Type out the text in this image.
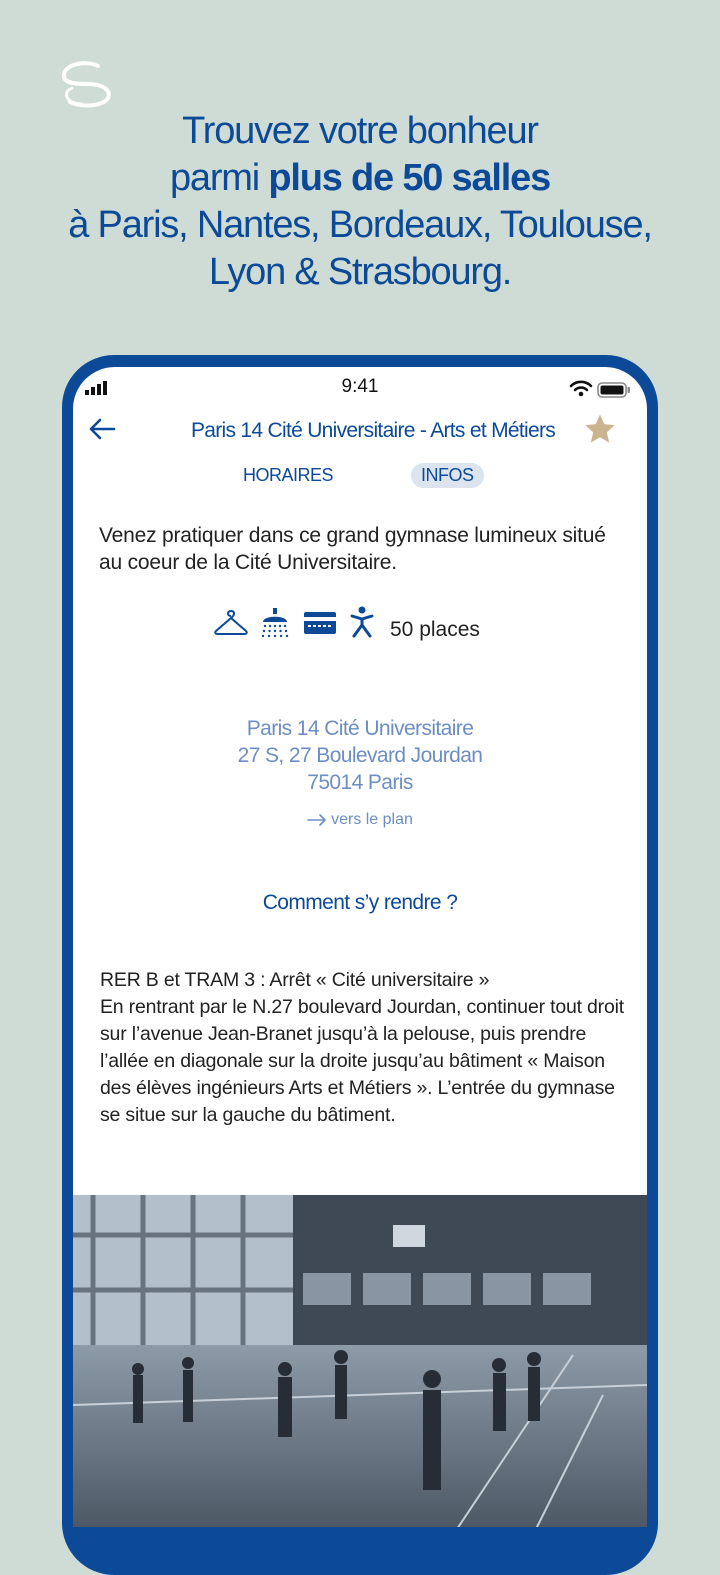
Trouvez votre bonheur
parmi plus de 50 salles
à Paris, Nantes, Bordeaux, Toulouse,
Lyon & Strasbourg.
9:41
Paris 14 Cité Universitaire - Arts et Métiers
HORAIRES	INFOS
Venez pratiquer dans ce grand gymnase lumineux situé au coeur de la Cité Universitaire.
50 places
Paris 14 Cité Universitaire
27 S, 27 Boulevard Jourdan
75014 Paris
vers le plan
Comment s’y rendre ?

RER B et TRAM 3 : Arrêt « Cité universitaire »

En rentrant par le N.27 boulevard Jourdan, continuer tout droit sur l’avenue Jean-Branet jusqu’à la pelouse, puis prendre l’allée en diagonale sur la droite jusqu’au bâtiment « Maison des élèves ingénieurs Arts et Métiers ». L’entrée du gymnase se situe sur la gauche du bâtiment.
